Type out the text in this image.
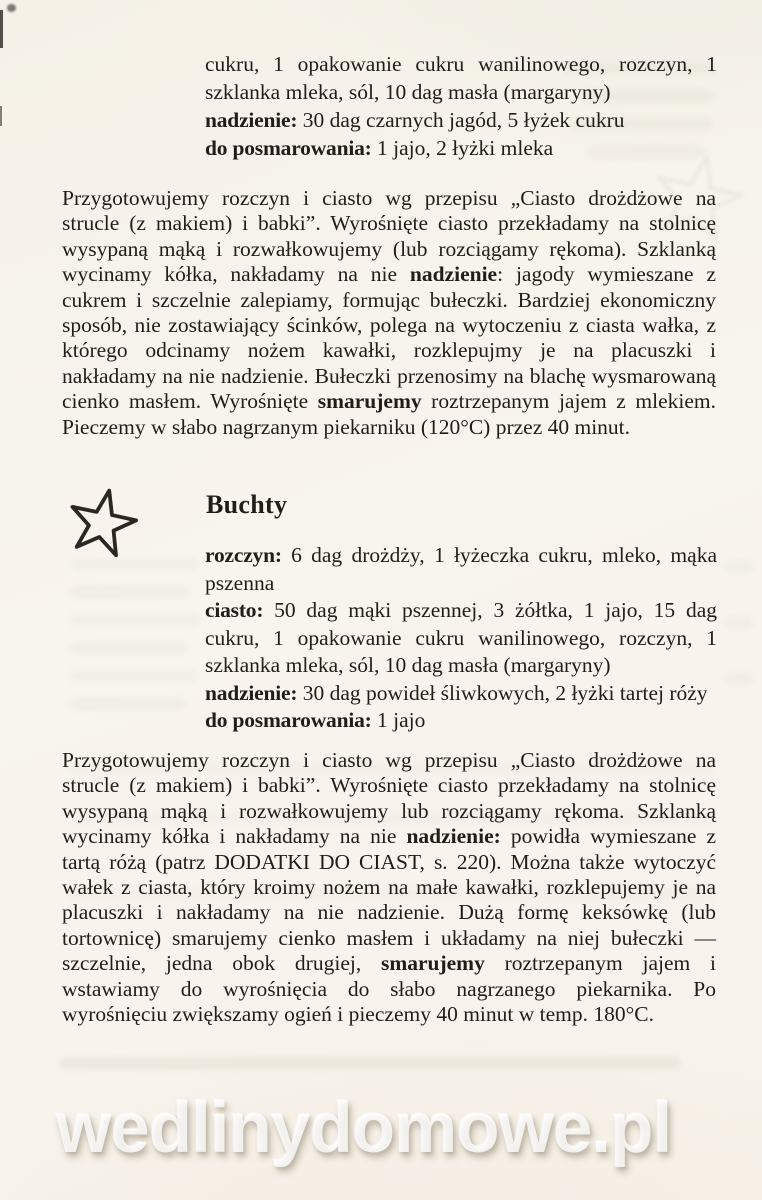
cukru, 1 opakowanie cukru wanilinowego, rozczyn, 1 szklanka mleka, sól, 10 dag masła (margaryny)

nadzienie: 30 dag czarnych jagód, 5 łyżek cukru

do posmarowania: 1 jajo, 2 łyżki mleka

Przygotowujemy rozczyn i ciasto wg przepisu „Ciasto drożdżowe na strucle (z makiem) i babki”. Wyrośnięte ciasto przekładamy na stolnicę wysypaną mąką i rozwałkowujemy (lub rozciągamy rękoma). Szklanką wycinamy kółka, nakładamy na nie nadzienie: jagody wymieszane z cukrem i szczelnie zalepiamy, formując bułeczki. Bardziej ekonomiczny sposób, nie zostawiający ścinków, polega na wytoczeniu z ciasta wałka, z którego odcinamy nożem kawałki, rozklepujmy je na placuszki i nakładamy na nie nadzienie. Bułeczki przenosimy na blachę wysmarowaną cienko masłem. Wyrośnięte smarujemy roztrzepanym jajem z mlekiem. Pieczemy w słabo nagrzanym piekarniku (120°C) przez 40 minut.
Buchty

rozczyn: 6 dag drożdży, 1 łyżeczka cukru, mleko, mąka pszenna

ciasto: 50 dag mąki pszennej, 3 żółtka, 1 jajo, 15 dag cukru, 1 opakowanie cukru wanilinowego, rozczyn, 1 szklanka mleka, sól, 10 dag masła (margaryny)

nadzienie: 30 dag powideł śliwkowych, 2 łyżki tartej róży

do posmarowania: 1 jajo

Przygotowujemy rozczyn i ciasto wg przepisu „Ciasto drożdżowe na strucle (z makiem) i babki”. Wyrośnięte ciasto przekładamy na stolnicę wysypaną mąką i rozwałkowujemy lub rozciągamy rękoma. Szklanką wycinamy kółka i nakładamy na nie nadzienie: powidła wymieszane z tartą różą (patrz DODATKI DO CIAST, s. 220). Można także wytoczyć wałek z ciasta, który kroimy nożem na małe kawałki, rozklepujemy je na placuszki i nakładamy na nie nadzienie. Dużą formę keksówkę (lub tortownicę) smarujemy cienko masłem i układamy na niej bułeczki — szczelnie, jedna obok drugiej, smarujemy roztrzepanym jajem i wstawiamy do wyrośnięcia do słabo nagrzanego piekarnika. Po wyrośnięciu zwiększamy ogień i pieczemy 40 minut w temp. 180°C.
wedlinydomowe.pl
